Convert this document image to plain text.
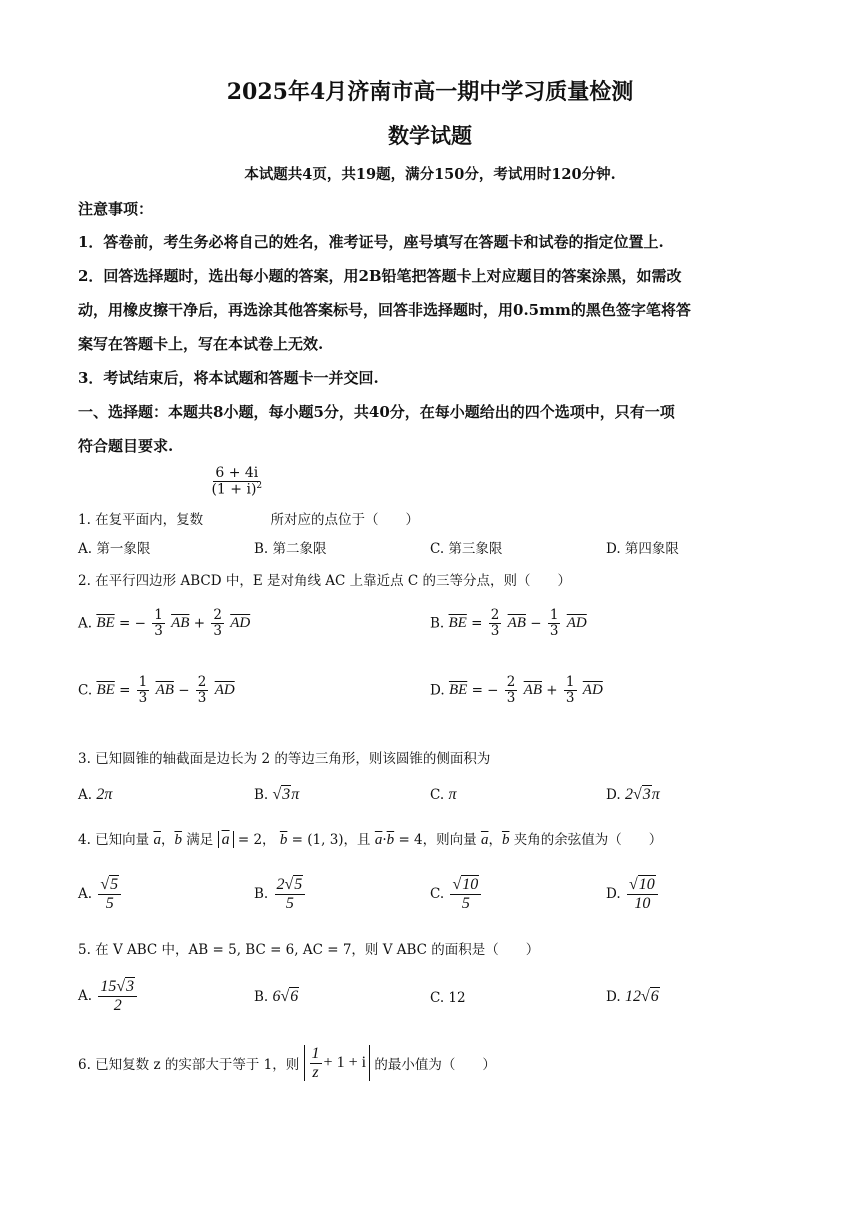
2025年4月济南市高一期中学习质量检测
数学试题
本试题共4页，共19题，满分150分，考试用时120分钟.
注意事项：
1．答卷前，考生务必将自己的姓名，准考证号，座号填写在答题卡和试卷的指定位置上.
2．回答选择题时，选出每小题的答案，用2B铅笔把答题卡上对应题目的答案涂黑，如需改
动，用橡皮擦干净后，再选涂其他答案标号，回答非选择题时，用0.5mm的黑色签字笔将答
案写在答题卡上，写在本试卷上无效.
3．考试结束后，将本试题和答题卡一并交回.
一、选择题：本题共8小题，每小题5分，共40分，在每小题给出的四个选项中，只有一项
符合题目要求.
1. 在复平面内，复数
$\frac{6 + 4i}{(1 + i)^2}$
所对应的点位于（　　）
A. 第一象限	B. 第二象限	C. 第三象限	D. 第四象限
2. 在平行四边形 ABCD 中，E 是对角线 AC 上靠近点 C 的三等分点，则（　　）
A. $\overline{BE}$ = − $\frac{1}{3} \overline{AB} + \frac{2}{3} \overline{AD}$	B. $\overline{BE} = \frac{2}{3} \overline{AB} - \frac{1}{3} \overline{AD}$
C. $\overline{BE} = \frac{1}{3} \overline{AB} - \frac{2}{3} \overline{AD}$	D. $\overline{BE}$ = − $\frac{2}{3} \overline{AB} + \frac{1}{3} \overline{AD}$
3. 已知圆锥的轴截面是边长为 2 的等边三角形，则该圆锥的侧面积为
A. 2π	B. √3π	C. π	D. 2√3π
4. 已知向量 $\overline{a}$，$\overline{b}$ 满足 $\overline{a} = 2$， $\overline{b} = (1$, 3)，且 $\overline{a}\cdot\overline{b} = 4$，则向量 $\overline{a}$，$\overline{b}$ 夹角的余弦值为（　　）
A. $\frac{√5}{5}$	B. $\frac{2√5}{5}$	C. $\frac{√10}{5}$	D. $\frac{√10}{10}$
5. 在 V ABC 中，AB = 5, BC = 6, AC = 7，则 V ABC 的面积是（　　）
A. $\frac{15√3}{2}$	B. 6√6	C. 12	D. 12√6
6. 已知复数 z 的实部大于等于 1，则 $\frac{1}{z} + 1 + i$ 的最小值为（　　）
